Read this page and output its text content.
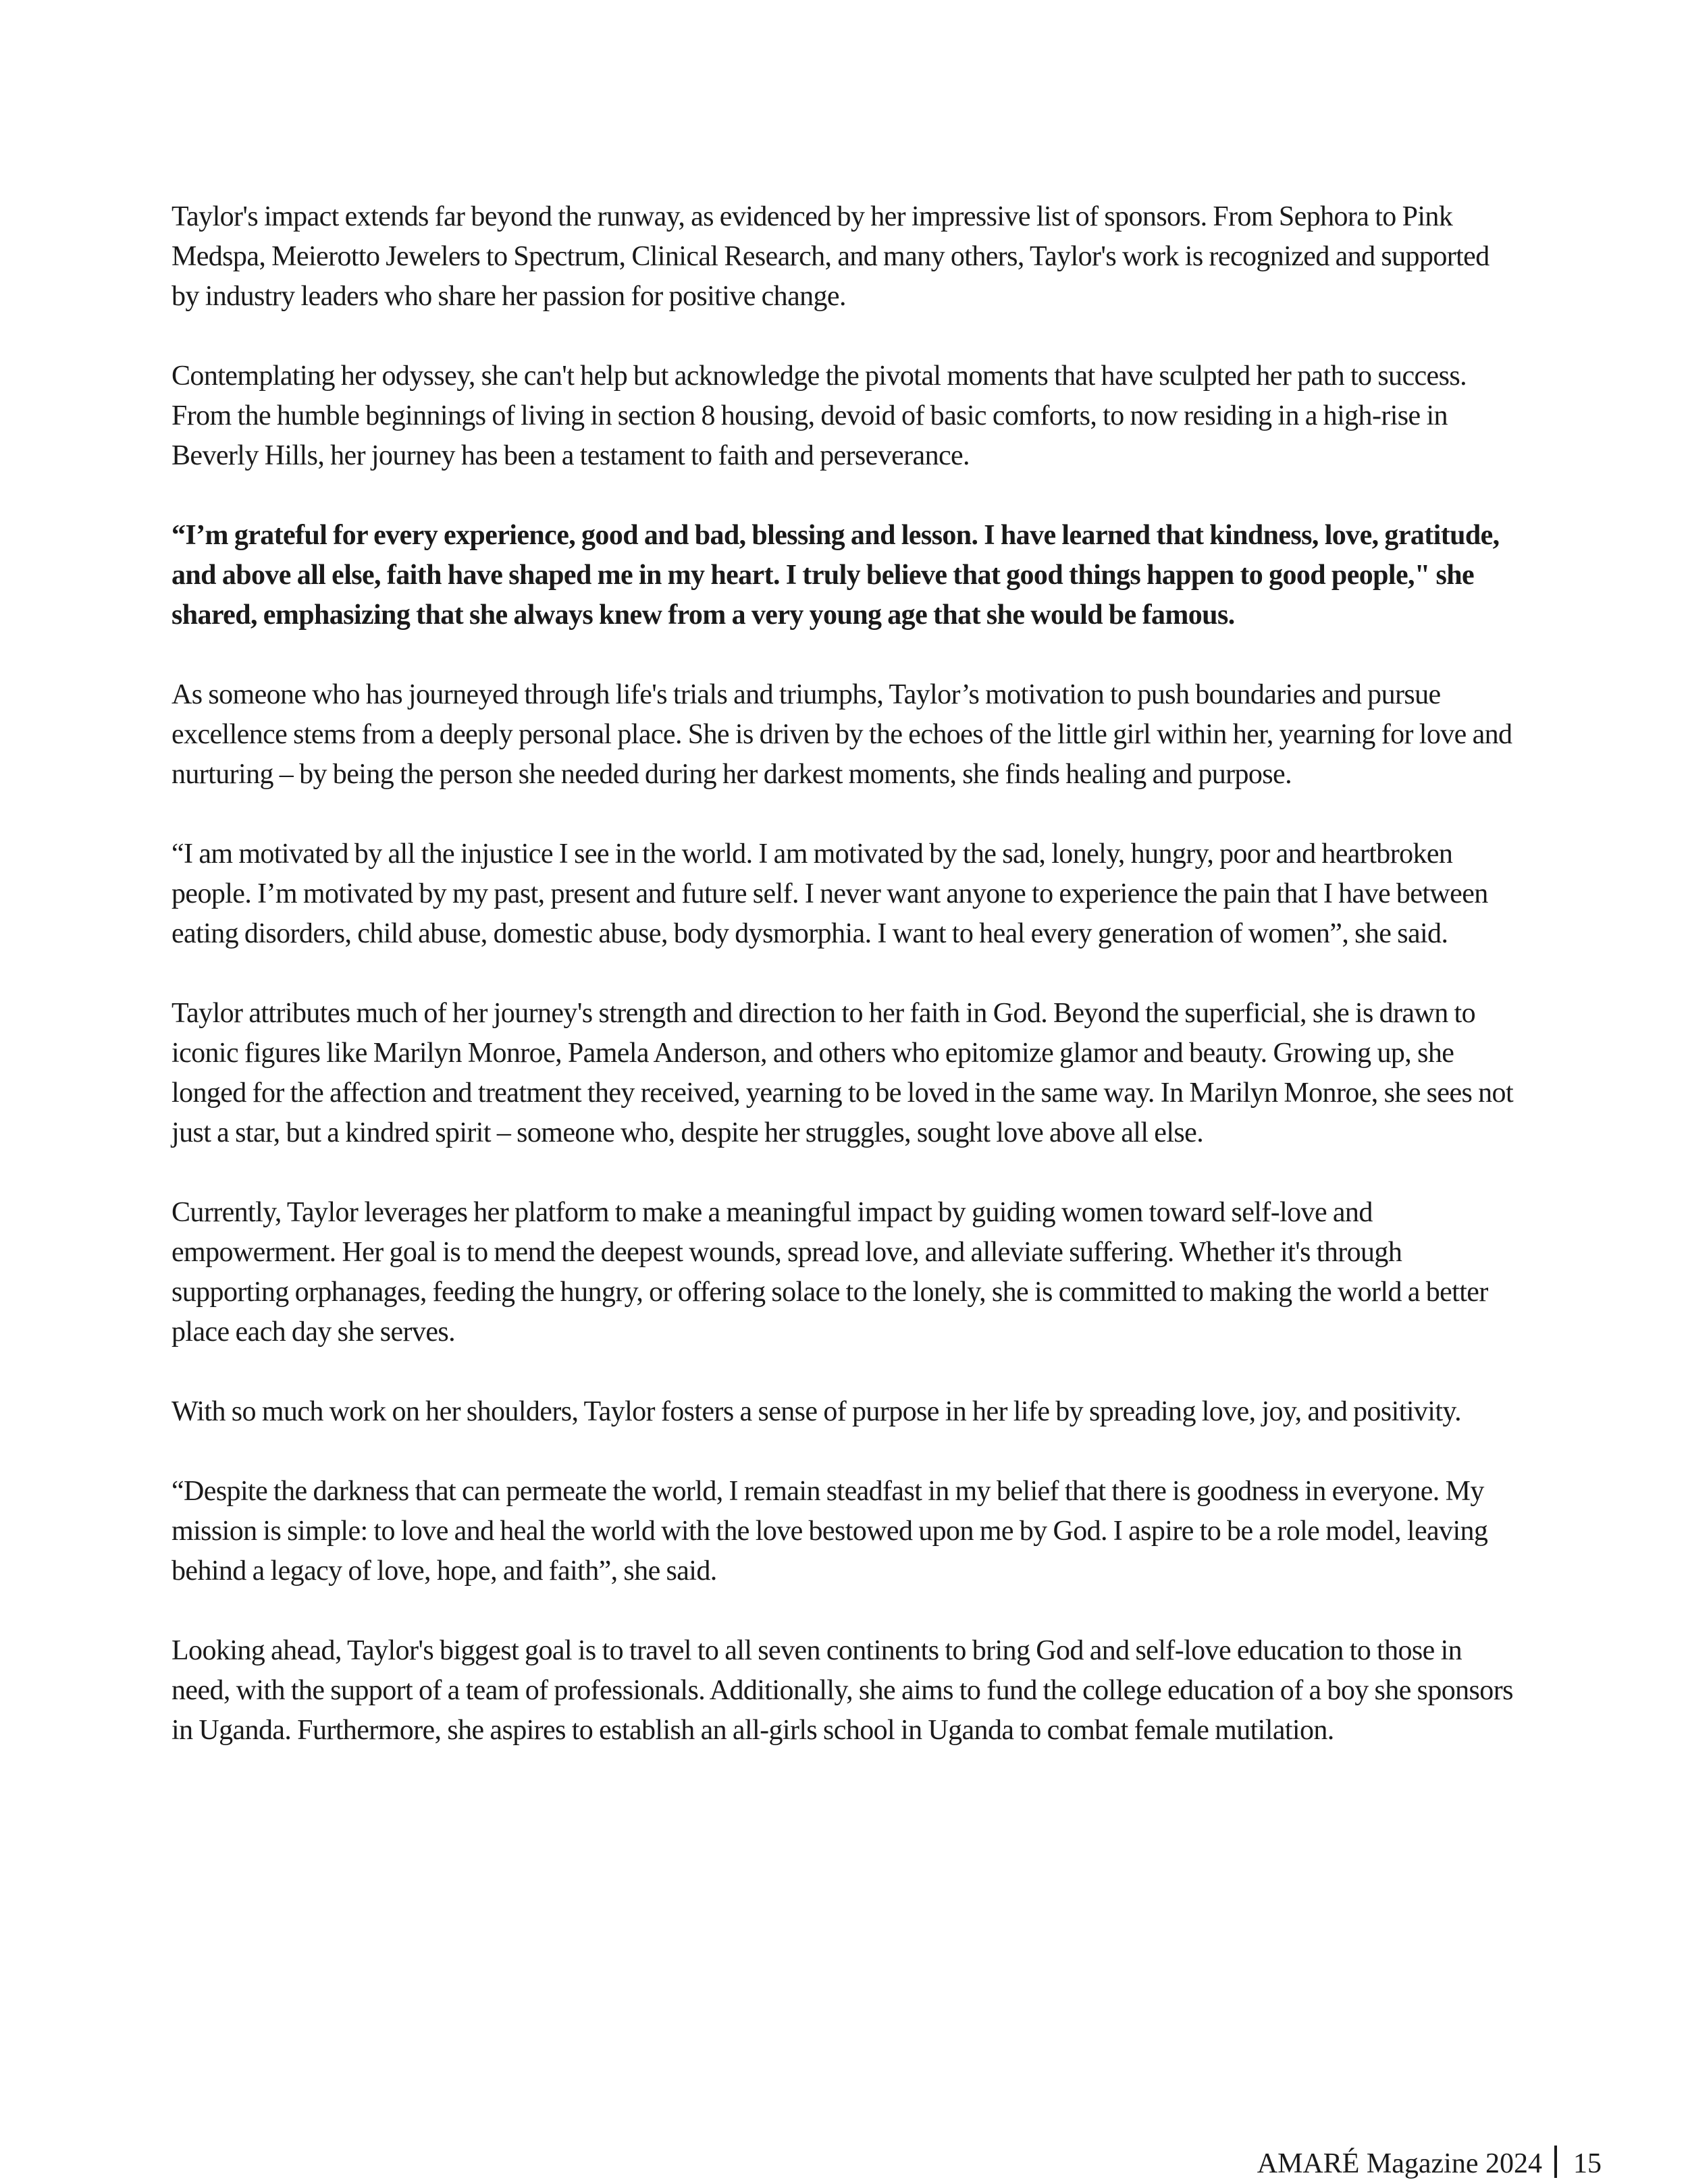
Taylor's impact extends far beyond the runway, as evidenced by her impressive list of sponsors. From Sephora to Pink Medspa, Meierotto Jewelers to Spectrum, Clinical Research, and many others, Taylor's work is recognized and supported by industry leaders who share her passion for positive change.

Contemplating her odyssey, she can't help but acknowledge the pivotal moments that have sculpted her path to success. From the humble beginnings of living in section 8 housing, devoid of basic comforts, to now residing in a high-rise in Beverly Hills, her journey has been a testament to faith and perseverance.

“I’m grateful for every experience, good and bad, blessing and lesson. I have learned that kindness, love, gratitude, and above all else, faith have shaped me in my heart. I truly believe that good things happen to good people," she shared, emphasizing that she always knew from a very young age that she would be famous.

As someone who has journeyed through life's trials and triumphs, Taylor’s motivation to push boundaries and pursue excellence stems from a deeply personal place. She is driven by the echoes of the little girl within her, yearning for love and nurturing – by being the person she needed during her darkest moments, she finds healing and purpose.

“I am motivated by all the injustice I see in the world. I am motivated by the sad, lonely, hungry, poor and heartbroken people. I’m motivated by my past, present and future self. I never want anyone to experience the pain that I have between eating disorders, child abuse, domestic abuse, body dysmorphia. I want to heal every generation of women”, she said.

Taylor attributes much of her journey's strength and direction to her faith in God. Beyond the superficial, she is drawn to iconic figures like Marilyn Monroe, Pamela Anderson, and others who epitomize glamor and beauty. Growing up, she longed for the affection and treatment they received, yearning to be loved in the same way. In Marilyn Monroe, she sees not just a star, but a kindred spirit – someone who, despite her struggles, sought love above all else.

Currently, Taylor leverages her platform to make a meaningful impact by guiding women toward self-love and empowerment. Her goal is to mend the deepest wounds, spread love, and alleviate suffering. Whether it's through supporting orphanages, feeding the hungry, or offering solace to the lonely, she is committed to making the world a better place each day she serves.

With so much work on her shoulders, Taylor fosters a sense of purpose in her life by spreading love, joy, and positivity.

“Despite the darkness that can permeate the world, I remain steadfast in my belief that there is goodness in everyone. My mission is simple: to love and heal the world with the love bestowed upon me by God. I aspire to be a role model, leaving behind a legacy of love, hope, and faith”, she said.

Looking ahead, Taylor's biggest goal is to travel to all seven continents to bring God and self-love education to those in need, with the support of a team of professionals. Additionally, she aims to fund the college education of a boy she sponsors in Uganda. Furthermore, she aspires to establish an all-girls school in Uganda to combat female mutilation.

AMARÉ Magazine 2024 15
